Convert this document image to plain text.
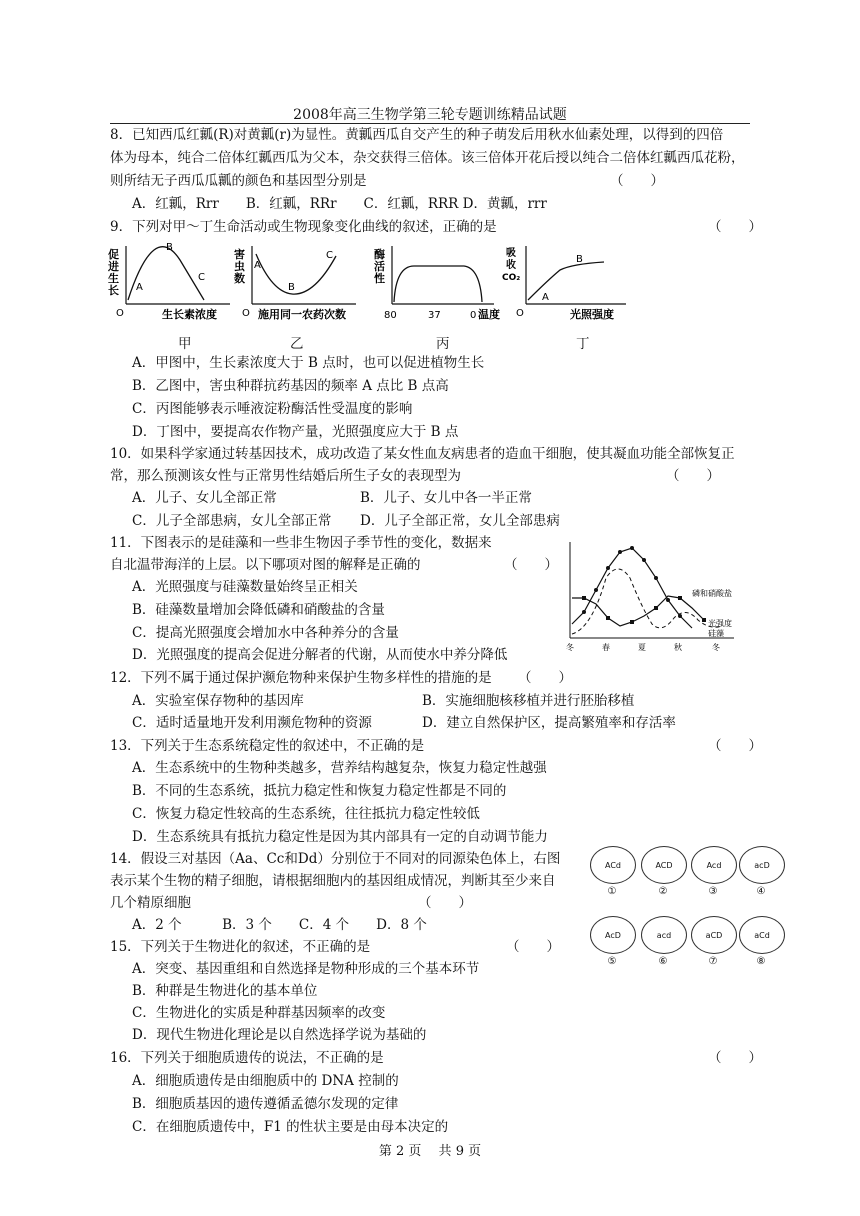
2008年高三生物学第三轮专题训练精品试题
8．已知西瓜红瓤(R)对黄瓤(r)为显性。黄瓤西瓜自交产生的种子萌发后用秋水仙素处理，以得到的四倍
体为母本，纯合二倍体红瓤西瓜为父本，杂交获得三倍体。该三倍体开花后授以纯合二倍体红瓤西瓜花粉，
则所结无子西瓜瓜瓤的颜色和基因型分别是	（　　）
A．红瓤，Rrr　　B．红瓤，RRr　　C．红瓤，RRR D．黄瓤，rrr
9．下列对甲～丁生命活动或生物现象变化曲线的叙述，正确的是	（　　）
促
进
生
长 A
B
C
O	生长素浓度
甲
害
虫
数
A
B
C
O 施用同一农药次数
乙
酶
活
性
80	37	0 温度
丙
吸
收
CO₂
A
B
O	光照强度
丁
A．甲图中，生长素浓度大于 B 点时，也可以促进植物生长
B．乙图中，害虫种群抗药基因的频率 A 点比 B 点高
C．丙图能够表示唾液淀粉酶活性受温度的影响
D．丁图中，要提高农作物产量，光照强度应大于 B 点
10．如果科学家通过转基因技术，成功改造了某女性血友病患者的造血干细胞，使其凝血功能全部恢复正
常，那么预测该女性与正常男性结婚后所生子女的表现型为	（　　）
A．儿子、女儿全部正常	B．儿子、女儿中各一半正常
C．儿子全部患病，女儿全部正常 D．儿子全部正常，女儿全部患病
11．下图表示的是硅藻和一些非生物因子季节性的变化，数据来
自北温带海洋的上层。以下哪项对图的解释是正确的	（　　）
A．光照强度与硅藻数量始终呈正相关
B．硅藻数量增加会降低磷和硝酸盐的含量
C．提高光照强度会增加水中各种养分的含量
D．光照强度的提高会促进分解者的代谢，从而使水中养分降低
磷和硝酸盐
光强度
硅藻
冬	春	夏	秋	冬
12．下列不属于通过保护濒危物种来保护生物多样性的措施的是 （　　）
A．实验室保存物种的基因库	B．实施细胞核移植并进行胚胎移植
C．适时适量地开发利用濒危物种的资源	D．建立自然保护区，提高繁殖率和存活率
13．下列关于生态系统稳定性的叙述中，不正确的是	（　　）
A．生态系统中的生物种类越多，营养结构越复杂，恢复力稳定性越强
B．不同的生态系统，抵抗力稳定性和恢复力稳定性都是不同的
C．恢复力稳定性较高的生态系统，往往抵抗力稳定性较低
D．生态系统具有抵抗力稳定性是因为其内部具有一定的自动调节能力
14．假设三对基因（Aa、Cc和Dd）分别位于不同对的同源染色体上，右图
表示某个生物的精子细胞，请根据细胞内的基因组成情况，判断其至少来自
几个精原细胞	（　　）
A．2 个　　　B．3 个　　C．4 个　　D．8 个
ACd	ACD	Acd	acD
①	②	③	④
AcD	acd	aCD	aCd
⑤	⑥	⑦	⑧
15．下列关于生物进化的叙述，不正确的是	（　　）
A．突变、基因重组和自然选择是物种形成的三个基本环节
B．种群是生物进化的基本单位
C．生物进化的实质是种群基因频率的改变
D．现代生物进化理论是以自然选择学说为基础的
16．下列关于细胞质遗传的说法，不正确的是	（　　）
A．细胞质遗传是由细胞质中的 DNA 控制的
B．细胞质基因的遗传遵循孟德尔发现的定律
C．在细胞质遗传中，F1 的性状主要是由母本决定的
第 2 页　 共 9 页
